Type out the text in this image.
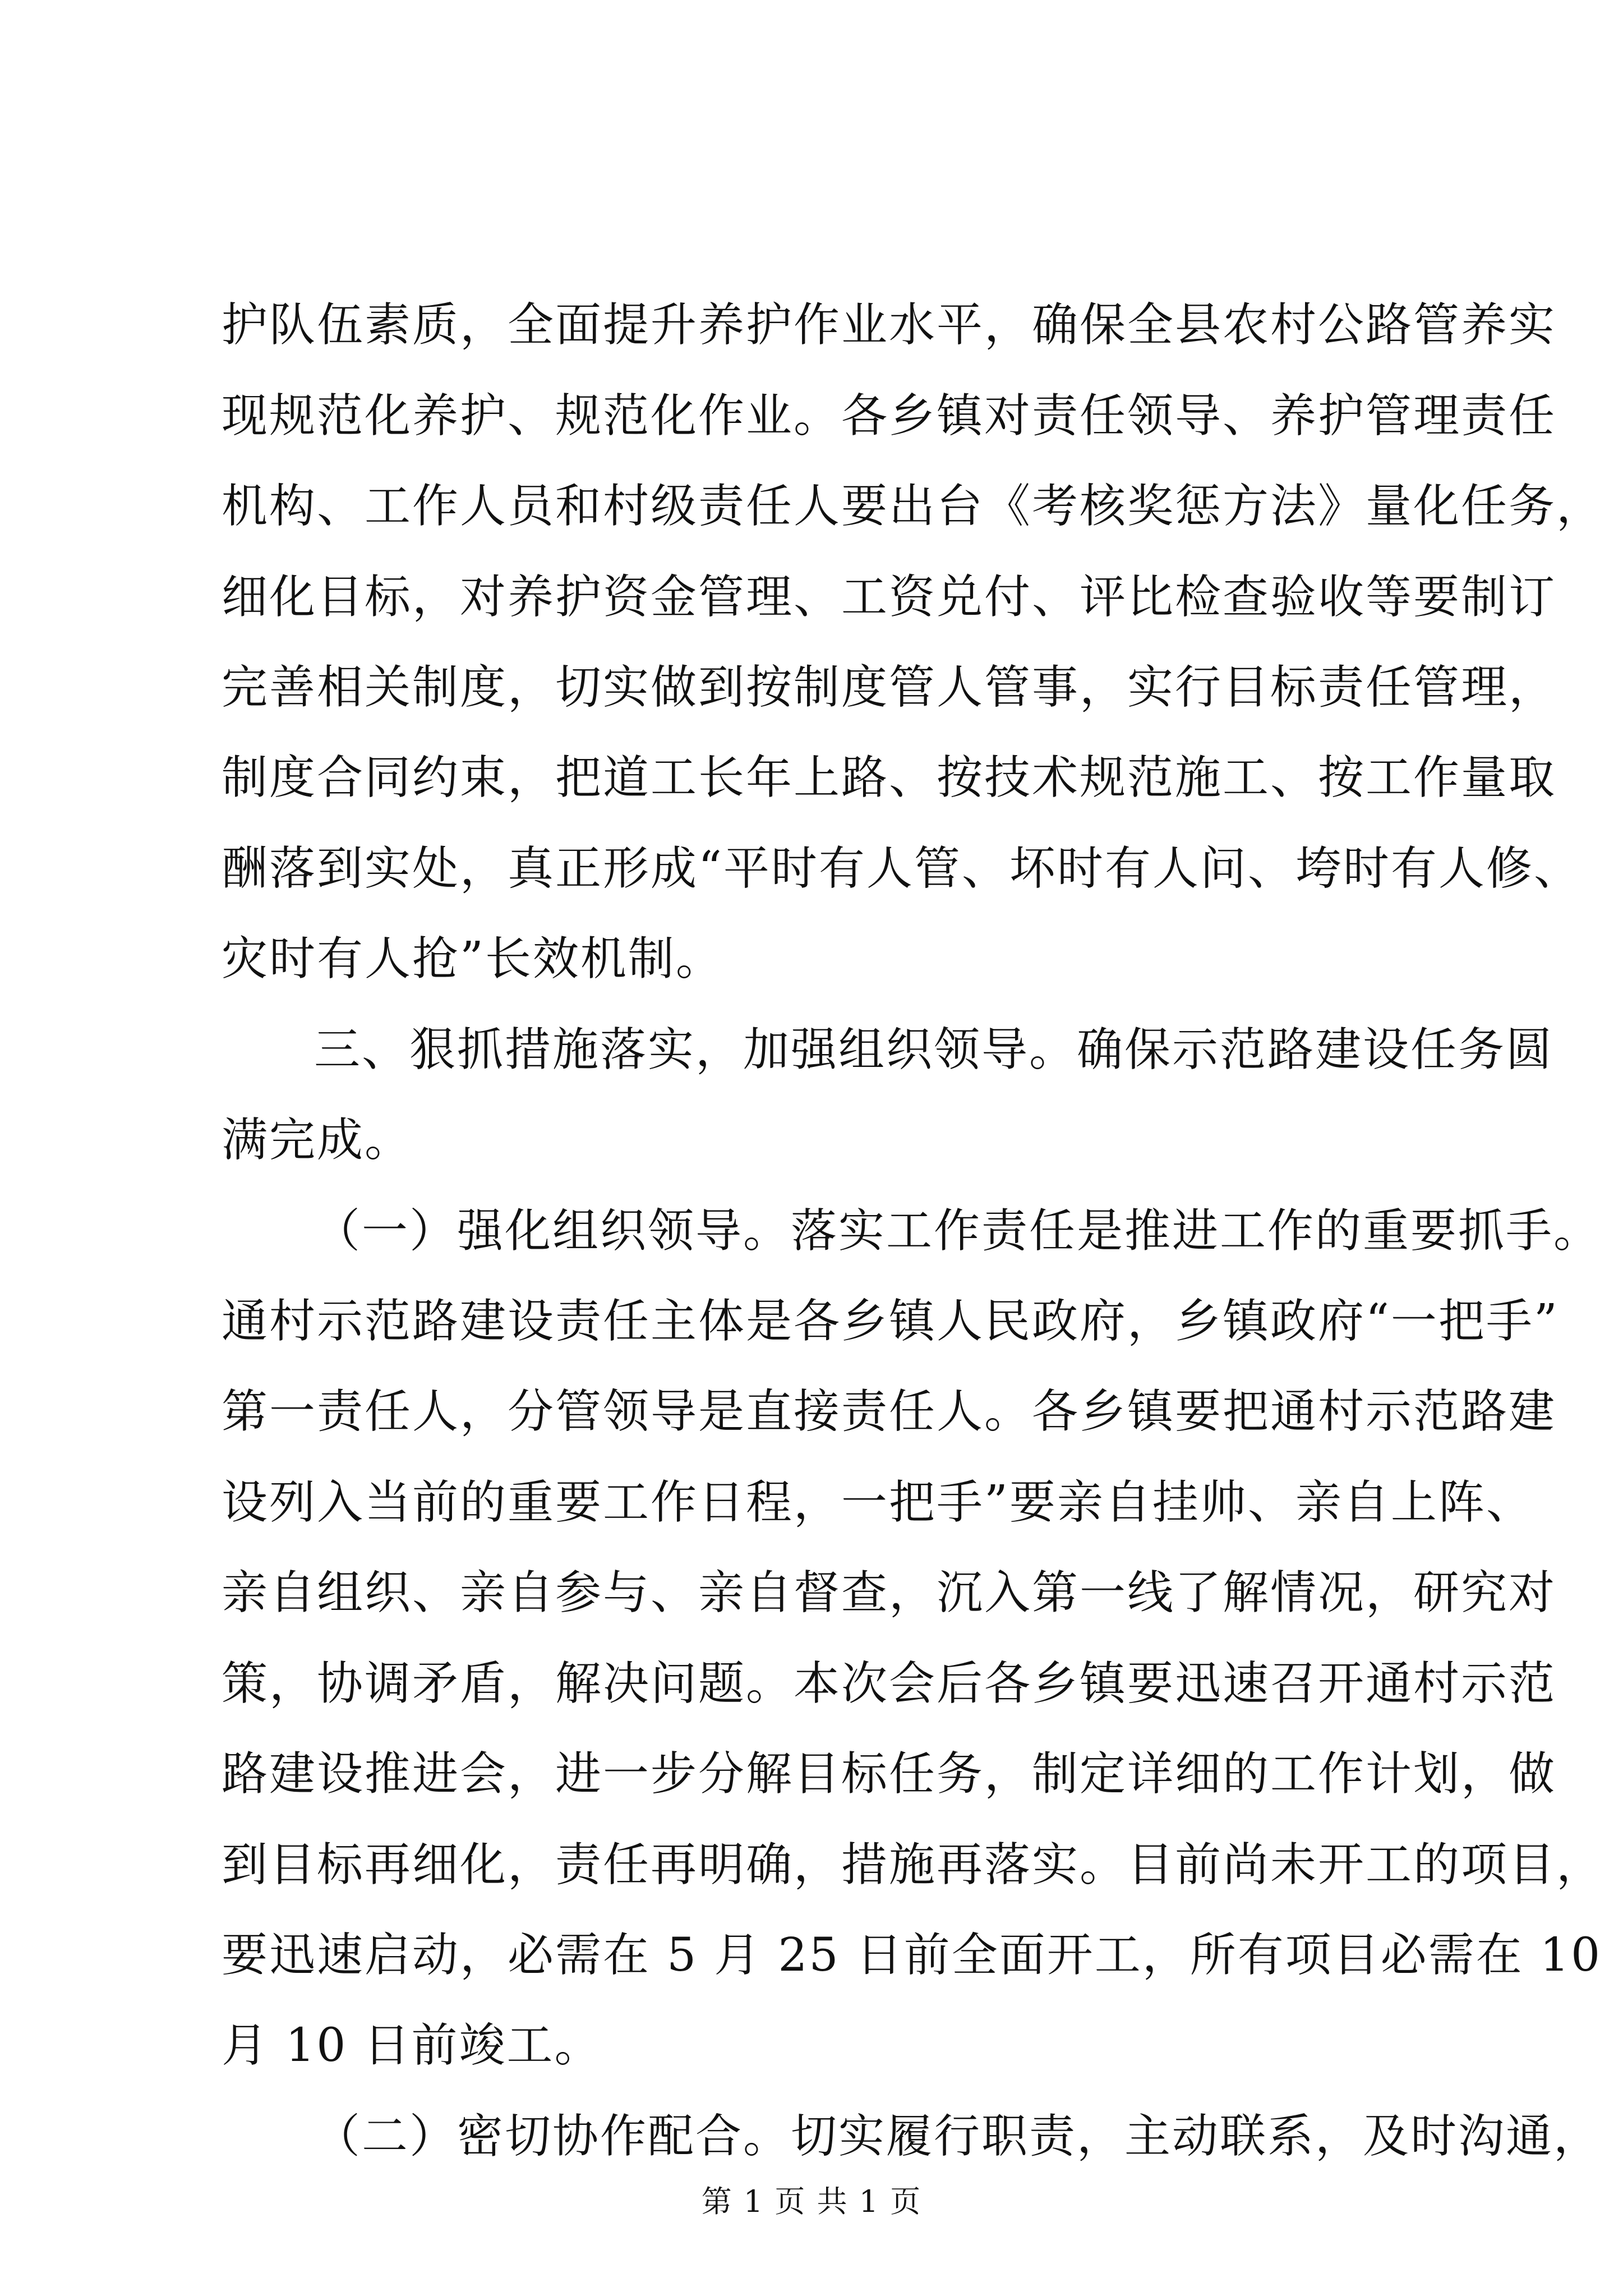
护队伍素质，全面提升养护作业水平，确保全县农村公路管养实
现规范化养护、规范化作业。各乡镇对责任领导、养护管理责任
机构、工作人员和村级责任人要出台《考核奖惩方法》量化任务，
细化目标，对养护资金管理、工资兑付、评比检查验收等要制订
完善相关制度，切实做到按制度管人管事，实行目标责任管理，
制度合同约束，把道工长年上路、按技术规范施工、按工作量取
酬落到实处，真正形成“平时有人管、坏时有人问、垮时有人修、
灾时有人抢”长效机制。
三、狠抓措施落实，加强组织领导。确保示范路建设任务圆
满完成。
（一）强化组织领导。落实工作责任是推进工作的重要抓手。
通村示范路建设责任主体是各乡镇人民政府，乡镇政府“一把手”
第一责任人，分管领导是直接责任人。各乡镇要把通村示范路建
设列入当前的重要工作日程，一把手”要亲自挂帅、亲自上阵、
亲自组织、亲自参与、亲自督查，沉入第一线了解情况，研究对
策，协调矛盾，解决问题。本次会后各乡镇要迅速召开通村示范
路建设推进会，进一步分解目标任务，制定详细的工作计划，做
到目标再细化，责任再明确，措施再落实。目前尚未开工的项目，
要迅速启动，必需在 5 月 25 日前全面开工，所有项目必需在 10
月 10 日前竣工。
（二）密切协作配合。切实履行职责，主动联系，及时沟通，
第 1 页 共 1 页
